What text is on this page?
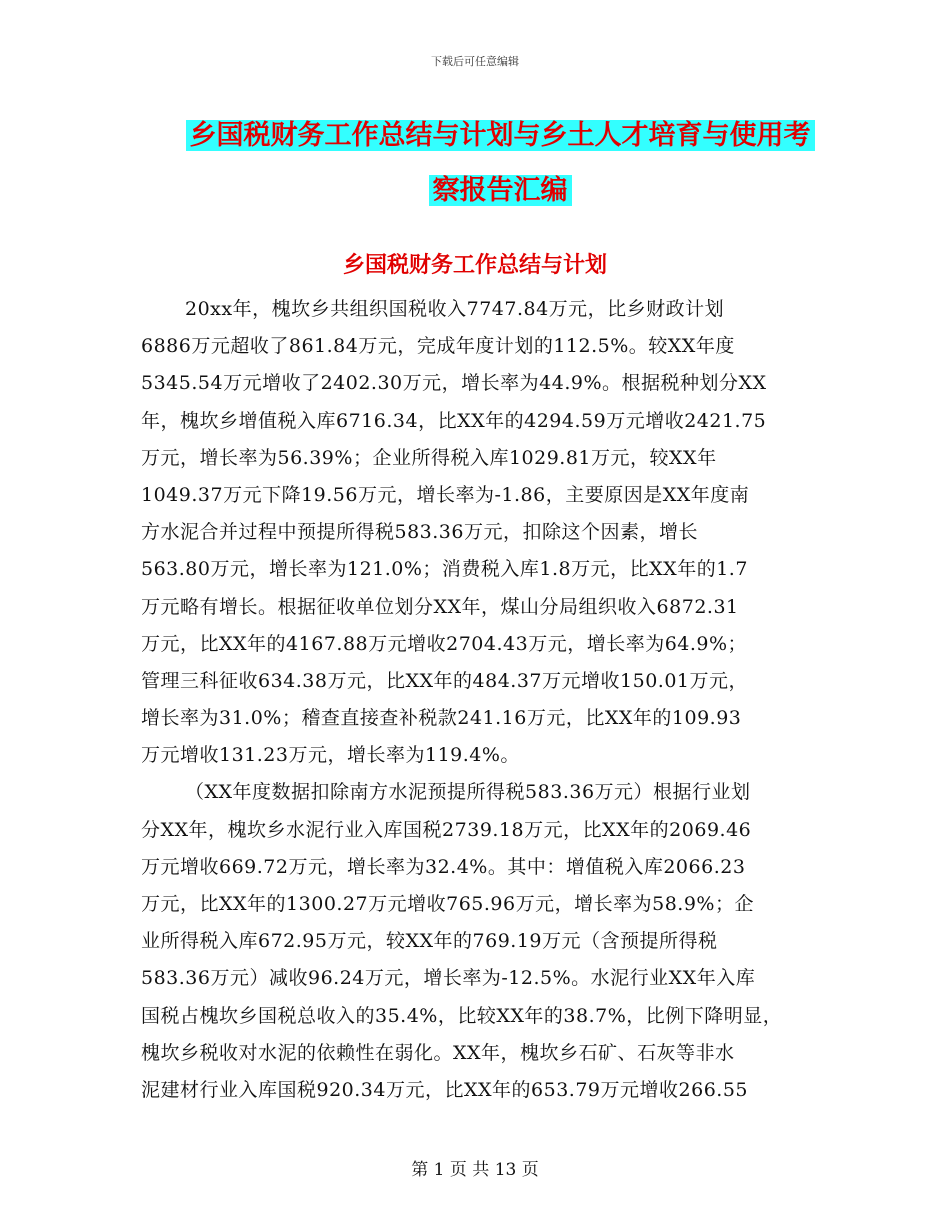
下载后可任意编辑
乡国税财务工作总结与计划与乡土人才培育与使用考
察报告汇编
乡国税财务工作总结与计划
20xx年，槐坎乡共组织国税收入7747.84万元，比乡财政计划
6886万元超收了861.84万元，完成年度计划的112.5%。较XX年度
5345.54万元增收了2402.30万元，增长率为44.9%。根据税种划分XX
年，槐坎乡增值税入库6716.34，比XX年的4294.59万元增收2421.75
万元，增长率为56.39%；企业所得税入库1029.81万元，较XX年
1049.37万元下降19.56万元，增长率为-1.86，主要原因是XX年度南
方水泥合并过程中预提所得税583.36万元，扣除这个因素，增长
563.80万元，增长率为121.0%；消费税入库1.8万元，比XX年的1.7
万元略有增长。根据征收单位划分XX年，煤山分局组织收入6872.31
万元，比XX年的4167.88万元增收2704.43万元，增长率为64.9%；
管理三科征收634.38万元，比XX年的484.37万元增收150.01万元，
增长率为31.0%；稽查直接查补税款241.16万元，比XX年的109.93
万元增收131.23万元，增长率为119.4%。
（XX年度数据扣除南方水泥预提所得税583.36万元）根据行业划
分XX年，槐坎乡水泥行业入库国税2739.18万元，比XX年的2069.46
万元增收669.72万元，增长率为32.4%。其中：增值税入库2066.23
万元，比XX年的1300.27万元增收765.96万元，增长率为58.9%；企
业所得税入库672.95万元，较XX年的769.19万元（含预提所得税
583.36万元）减收96.24万元，增长率为-12.5%。水泥行业XX年入库
国税占槐坎乡国税总收入的35.4%，比较XX年的38.7%，比例下降明显，
槐坎乡税收对水泥的依赖性在弱化。XX年，槐坎乡石矿、石灰等非水
泥建材行业入库国税920.34万元，比XX年的653.79万元增收266.55
第 1 页 共 13 页
